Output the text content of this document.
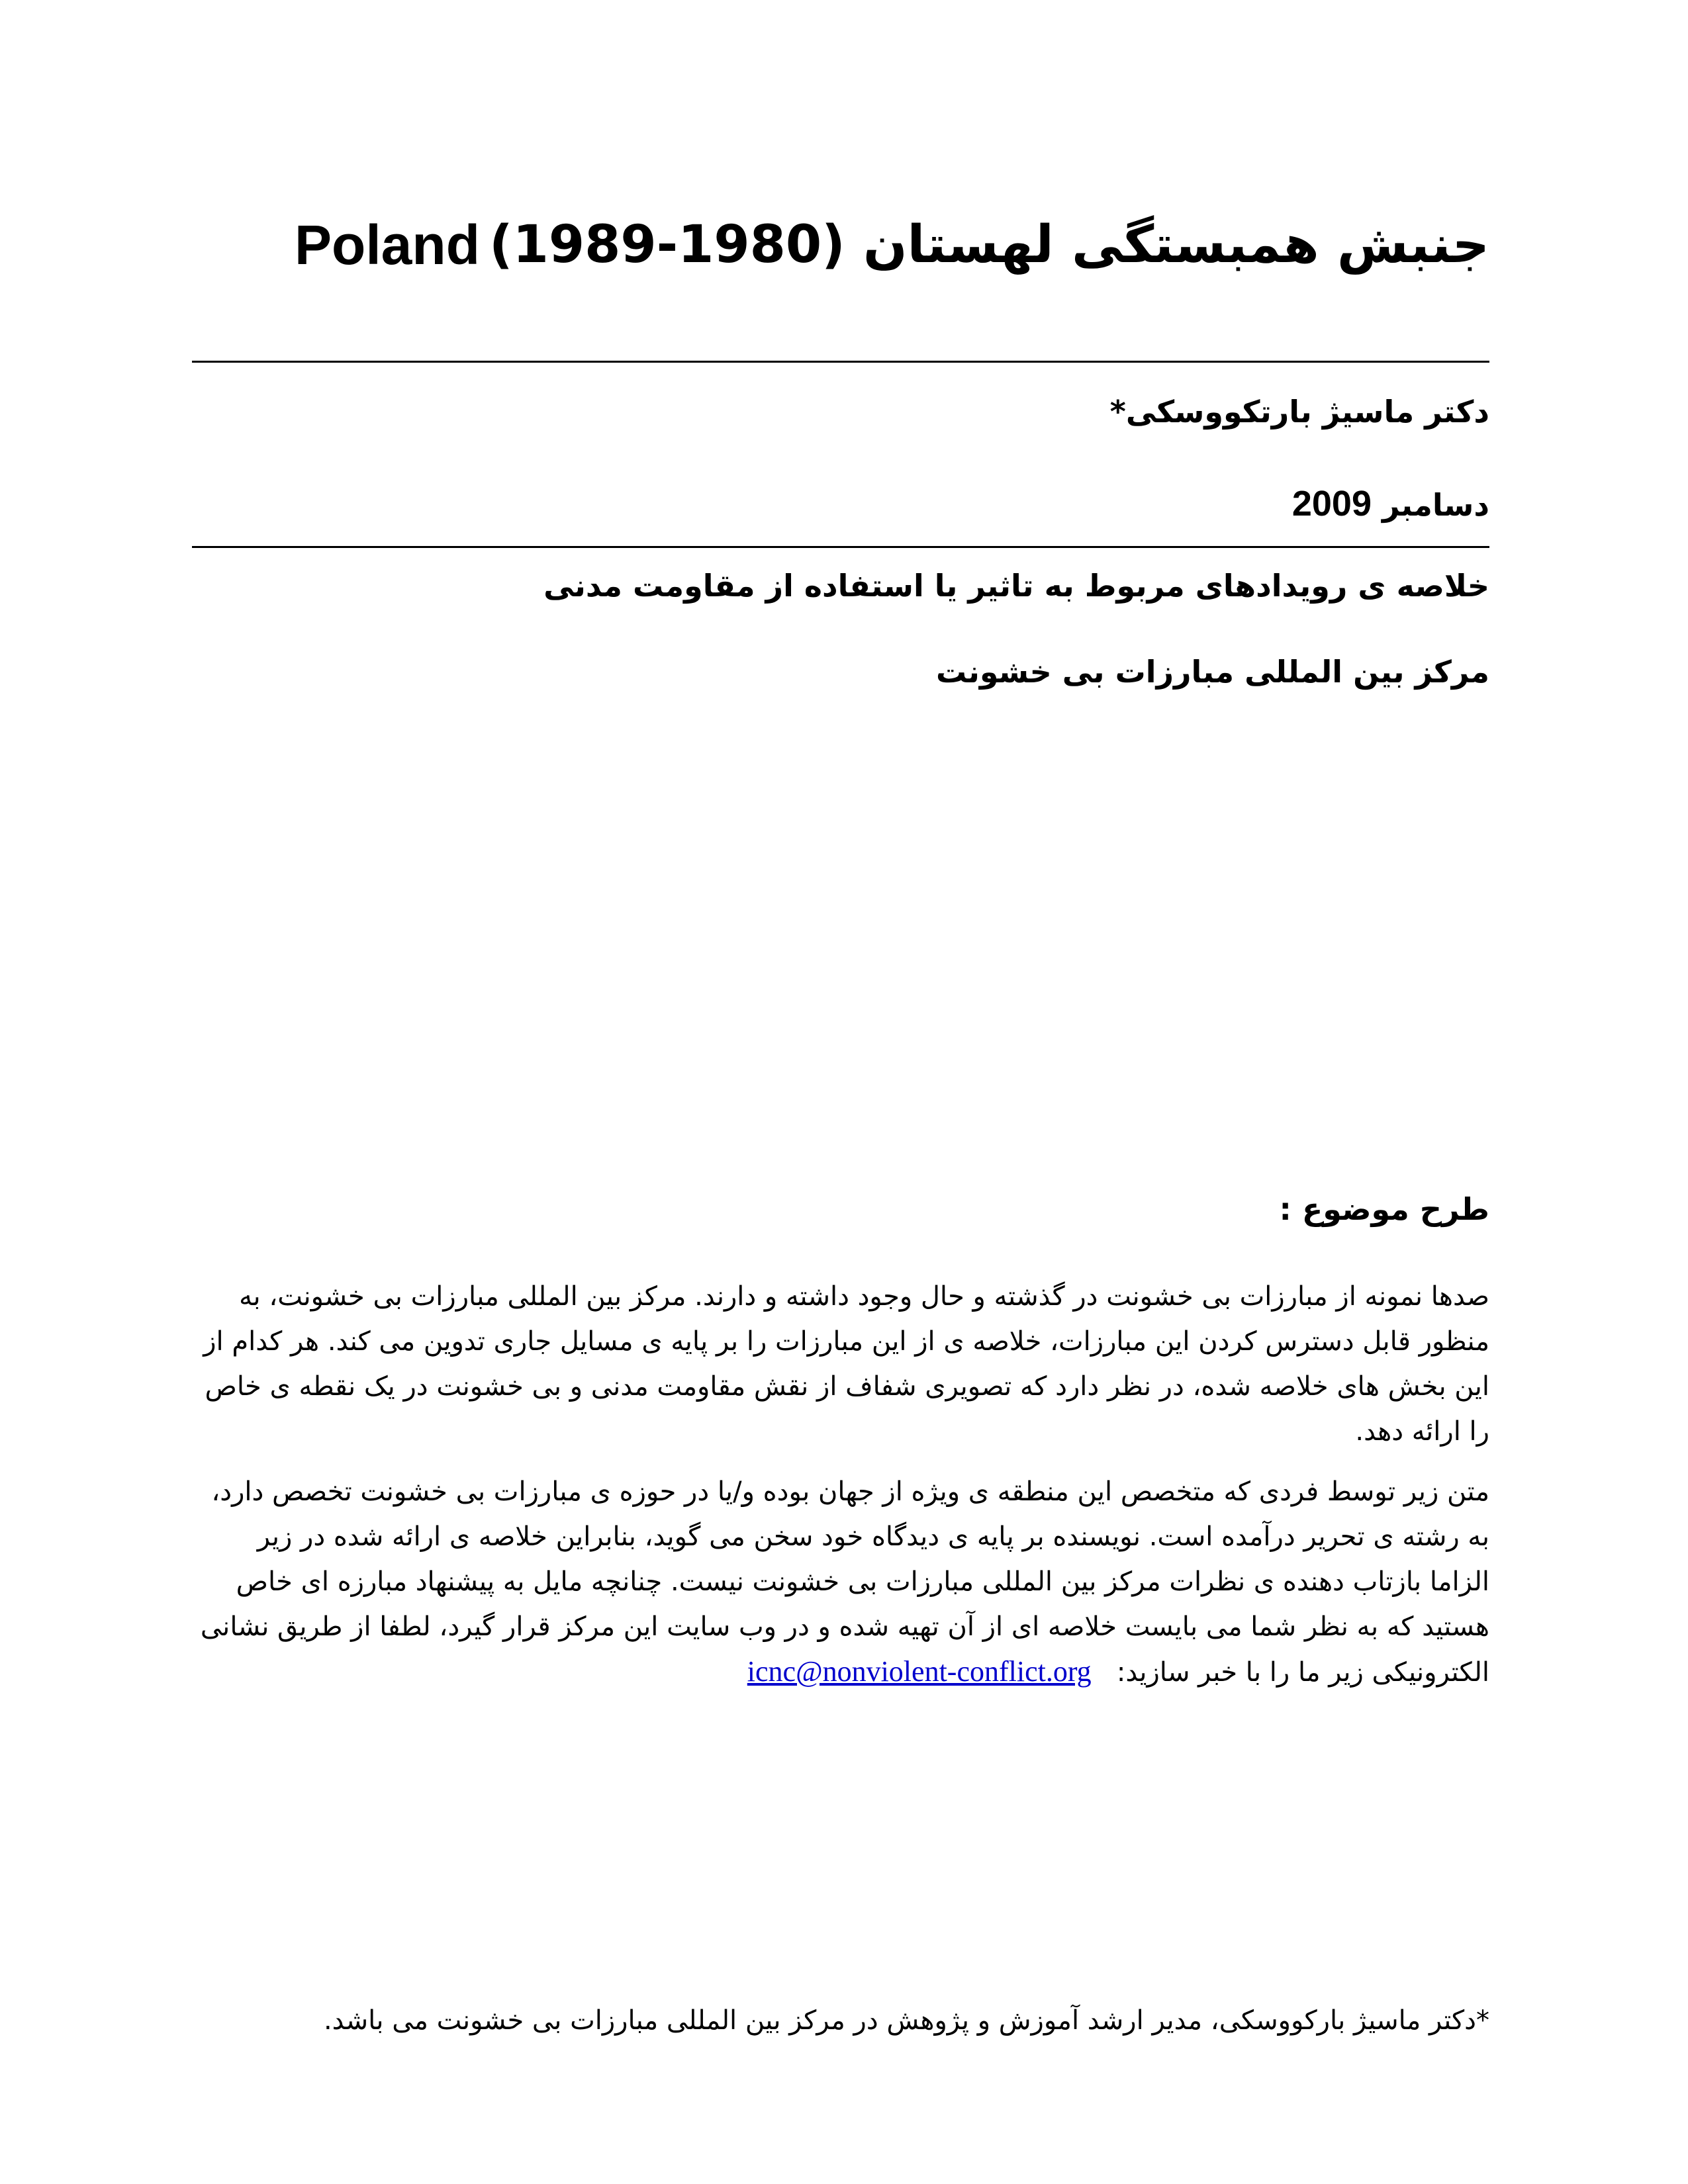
جنبش همبستگی لهستان (1980-1989)
Poland
دکتر ماسیژ بارتکووسکی*
دسامبر 2009
خلاصه ی رویدادهای مربوط به تاثیر یا استفاده از مقاومت مدنی
مرکز بین المللی مبارزات بی خشونت
طرح موضوع :
صدها نمونه از مبارزات بی خشونت در گذشته و حال وجود داشته و دارند. مرکز بین المللی مبارزات بی خشونت، به منظور قابل دسترس کردن این مبارزات، خلاصه ی از این مبارزات را بر پایه ی مسایل جاری تدوین می کند. هر کدام از این بخش های خلاصه شده، در نظر دارد که تصویری شفاف از نقش مقاومت مدنی و بی خشونت در یک نقطه ی خاص را ارائه دهد.
متن زیر توسط فردی که متخصص این منطقه ی ویژه از جهان بوده و/یا در حوزه ی مبارزات بی خشونت تخصص دارد، به رشته ی تحریر درآمده است. نویسنده بر پایه ی دیدگاه خود سخن می گوید، بنابراین خلاصه ی ارائه شده در زیر الزاما بازتاب دهنده ی نظرات مرکز بین المللی مبارزات بی خشونت نیست. چنانچه مایل به پیشنهاد مبارزه ای خاص هستید که به نظر شما می بایست خلاصه ای از آن تهیه شده و در وب سایت این مرکز قرار گیرد، لطفا از طریق نشانی الکترونیکی زیر ما را با خبر سازید:   icnc@nonviolent-conflict.org
*دکتر ماسیژ بارکووسکی، مدیر ارشد آموزش و پژوهش در مرکز بین المللی مبارزات بی خشونت می باشد.
